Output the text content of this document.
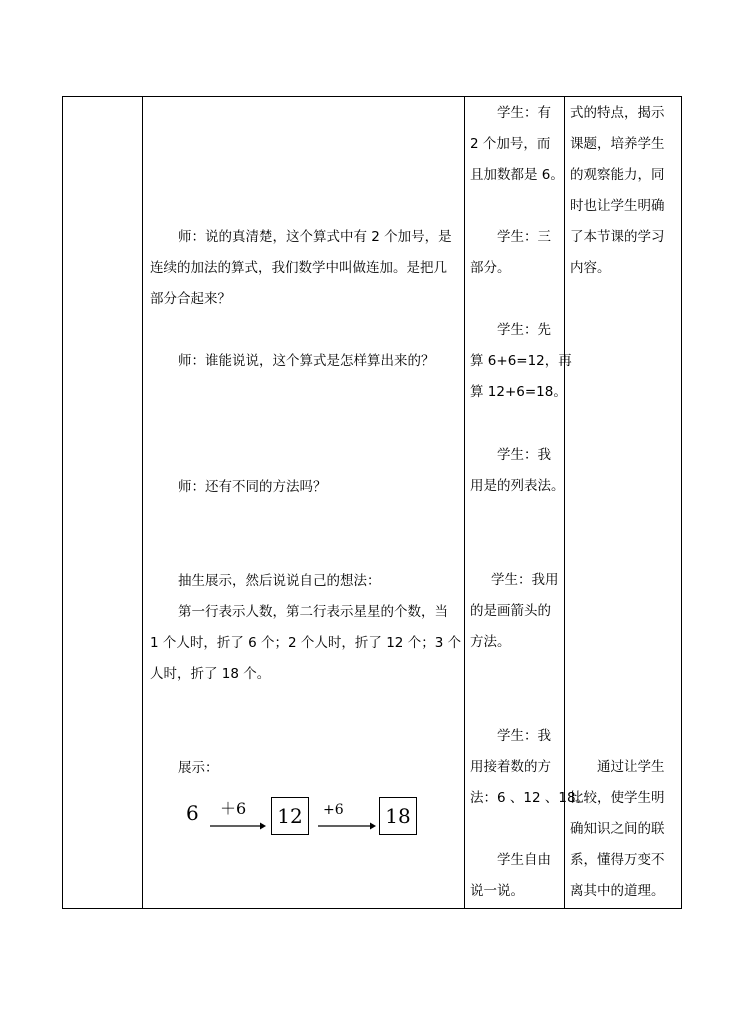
师：说的真清楚，这个算式中有 2 个加号，是
连续的加法的算式，我们数学中叫做连加。是把几
部分合起来？
师：谁能说说，这个算式是怎样算出来的？
师：还有不同的方法吗？
抽生展示，然后说说自己的想法：
第一行表示人数，第二行表示星星的个数，当
1 个人时，折了 6 个；2 个人时，折了 12 个；3 个
人时，折了 18 个。
展示：
6 ＋6	12	+6	18
学生：有
2 个加号，而
且加数都是 6。
学生：三
部分。
学生：先
算 6+6=12，再
算 12+6=18。
学生：我
用是的列表法。
学生：我用
的是画箭头的
方法。
学生：我
用接着数的方
法：6 、12 、18。
学生自由
说一说。
式的特点，揭示
课题，培养学生
的观察能力，同
时也让学生明确
了本节课的学习
内容。
通过让学生
比较，使学生明
确知识之间的联
系，懂得万变不
离其中的道理。
